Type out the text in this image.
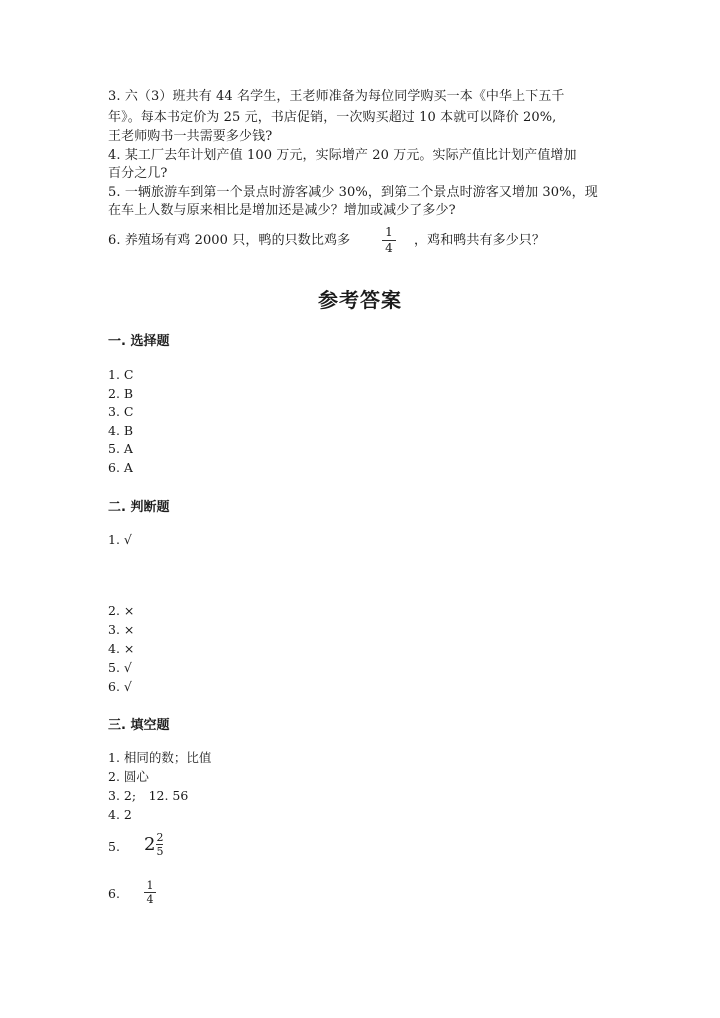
3. 六（3）班共有 44 名学生，王老师准备为每位同学购买一本《中华上下五千
年》。每本书定价为 25 元，书店促销，一次购买超过 10 本就可以降价 20%,
王老师购书一共需要多少钱?
4. 某工厂去年计划产值 100 万元，实际增产 20 万元。实际产值比计划产值增加
百分之几?
5. 一辆旅游车到第一个景点时游客减少 30%，到第二个景点时游客又增加 30%，现
在车上人数与原来相比是增加还是减少？增加或减少了多少?
6. 养殖场有鸡 2000 只，鸭的只数比鸡多
1
4 ，鸡和鸭共有多少只？
参考答案
一. 选择题
1. C
2. B
3. C
4. B
5. A
6. A
二. 判断题
1. √
2. ×
3. ×
4. ×
5. √
6. √
三. 填空题
1. 相同的数；比值
2. 圆心
3. 2;　12. 56
4. 2
5. $2 \frac{2}{5}$
6.
1
4
